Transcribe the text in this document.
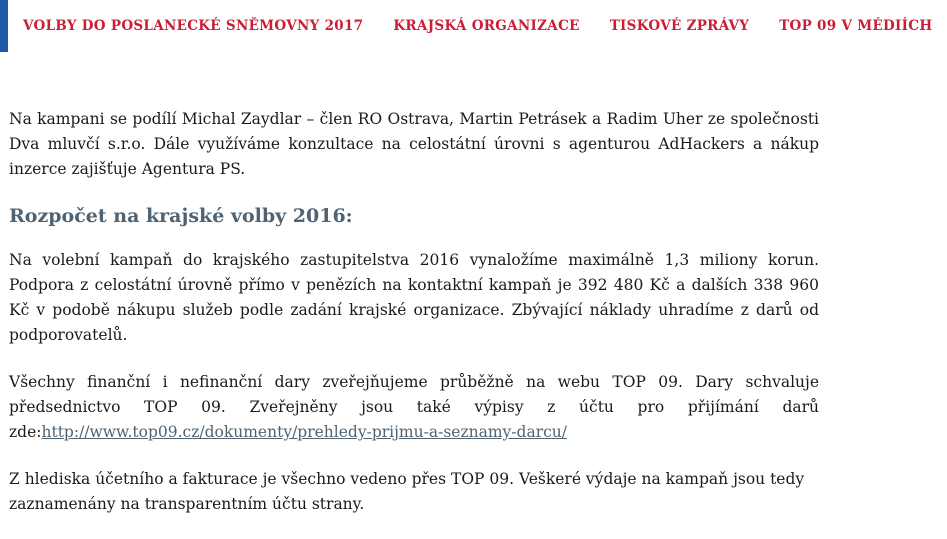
VOLBY DO POSLANECKÉ SNĚMOVNY 2017	KRAJSKÁ ORGANIZACE	TISKOVÉ ZPRÁVY	TOP 09 V MÉDIÍCH

Na kampani se podílí Michal Zaydlar – člen RO Ostrava, Martin Petrásek a Radim Uher ze společnosti Dva mluvčí s.r.o. Dále využíváme konzultace na celostátní úrovni s agenturou AdHackers a nákup inzerce zajišťuje Agentura PS.

Rozpočet na krajské volby 2016:

Na volební kampaň do krajského zastupitelstva 2016 vynaložíme maximálně 1,3 miliony korun. Podpora z celostátní úrovně přímo v penězích na kontaktní kampaň je 392 480 Kč a dalších 338 960 Kč v podobě nákupu služeb podle zadání krajské organizace. Zbývající náklady uhradíme z darů od podporovatelů.

Všechny finanční i nefinanční dary zveřejňujeme průběžně na webu TOP 09. Dary schvaluje předsednictvo TOP 09. Zveřejněny jsou také výpisy z účtu pro přijímání darů zde:http://www.top09.cz/dokumenty/prehledy-prijmu-a-seznamy-darcu/

Z hlediska účetního a fakturace je všechno vedeno přes TOP 09. Veškeré výdaje na kampaň jsou tedy zaznamenány na transparentním účtu strany.
